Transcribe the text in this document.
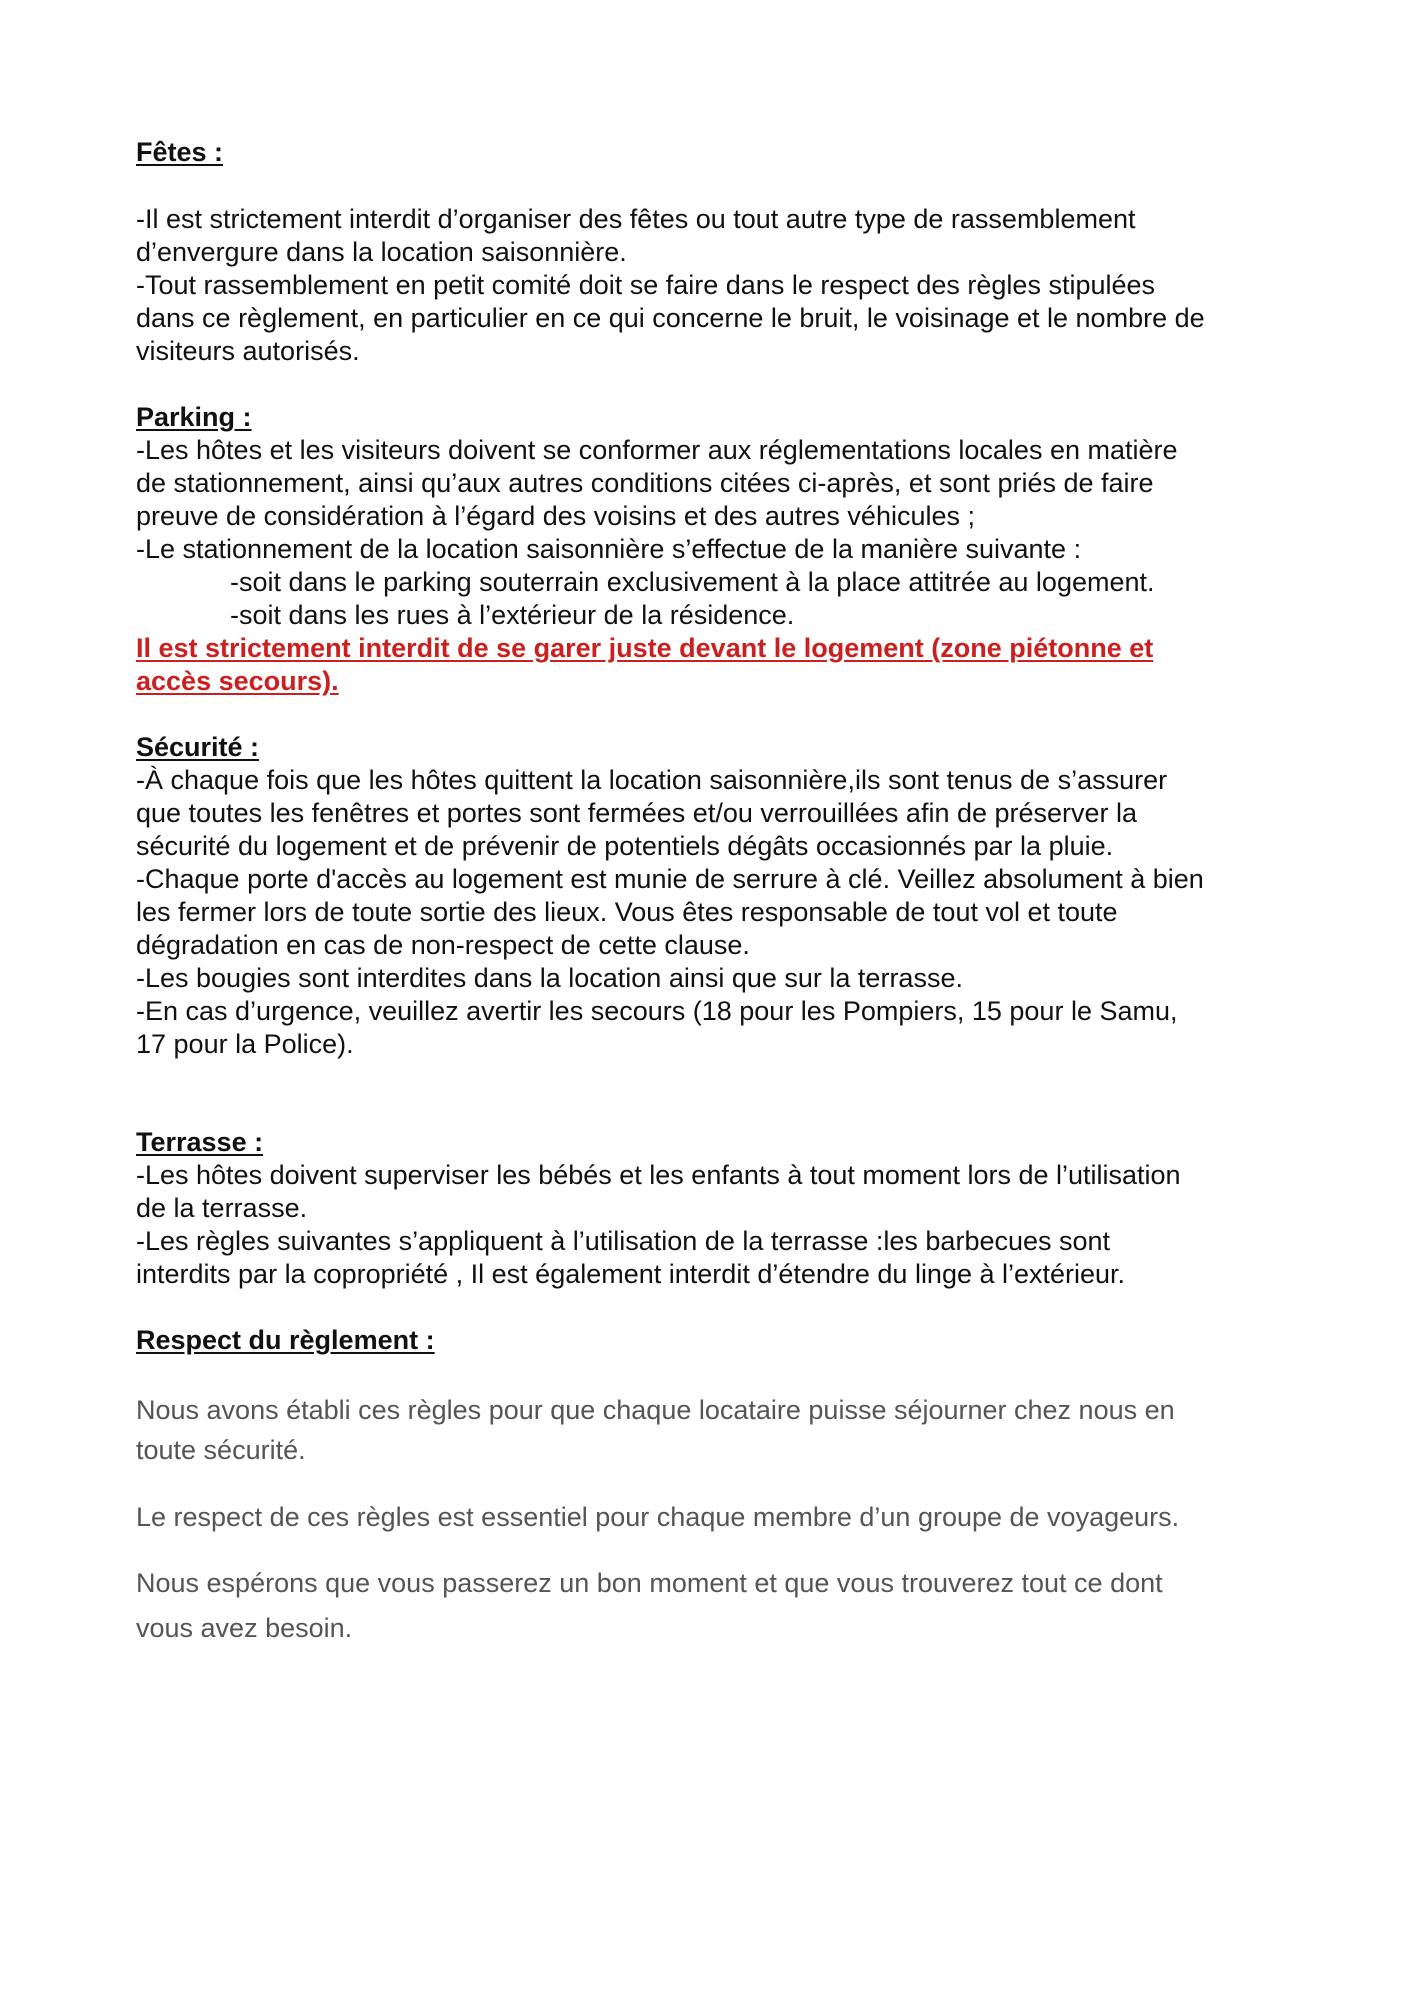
Fêtes :
-Il est strictement interdit d’organiser des fêtes ou tout autre type de rassemblement
d’envergure dans la location saisonnière.
-Tout rassemblement en petit comité doit se faire dans le respect des règles stipulées
dans ce règlement, en particulier en ce qui concerne le bruit, le voisinage et le nombre de
visiteurs autorisés.
Parking :
-Les hôtes et les visiteurs doivent se conformer aux réglementations locales en matière
de stationnement, ainsi qu’aux autres conditions citées ci-après, et sont priés de faire
preuve de considération à l’égard des voisins et des autres véhicules ;
-Le stationnement de la location saisonnière s’effectue de la manière suivante :
-soit dans le parking souterrain exclusivement à la place attitrée au logement.
-soit dans les rues à l’extérieur de la résidence.
Il est strictement interdit de se garer juste devant le logement (zone piétonne et
accès secours).
Sécurité :
-À chaque fois que les hôtes quittent la location saisonnière,ils sont tenus de s’assurer
que toutes les fenêtres et portes sont fermées et/ou verrouillées afin de préserver la
sécurité du logement et de prévenir de potentiels dégâts occasionnés par la pluie.
-Chaque porte d'accès au logement est munie de serrure à clé. Veillez absolument à bien
les fermer lors de toute sortie des lieux. Vous êtes responsable de tout vol et toute
dégradation en cas de non-respect de cette clause.
-Les bougies sont interdites dans la location ainsi que sur la terrasse.
-En cas d’urgence, veuillez avertir les secours (18 pour les Pompiers, 15 pour le Samu,
17 pour la Police).
Terrasse :
-Les hôtes doivent superviser les bébés et les enfants à tout moment lors de l’utilisation
de la terrasse.
-Les règles suivantes s’appliquent à l’utilisation de la terrasse :les barbecues sont
interdits par la copropriété , Il est également interdit d’étendre du linge à l’extérieur.
Respect du règlement :
Nous avons établi ces règles pour que chaque locataire puisse séjourner chez nous en
toute sécurité.
Le respect de ces règles est essentiel pour chaque membre d’un groupe de voyageurs.
Nous espérons que vous passerez un bon moment et que vous trouverez tout ce dont
vous avez besoin.
